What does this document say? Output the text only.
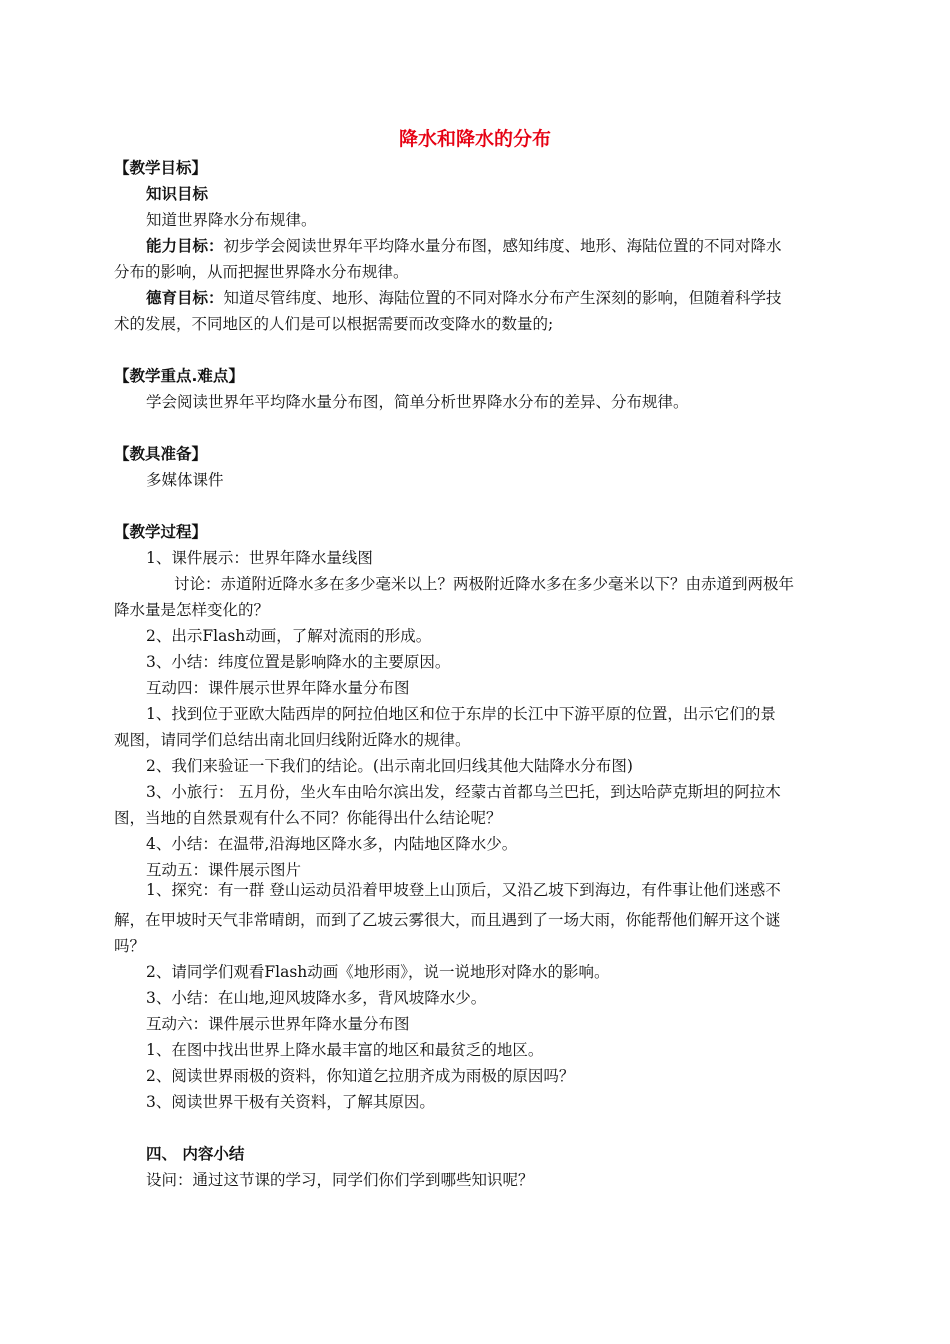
降水和降水的分布
【教学目标】
知识目标
知道世界降水分布规律。
能力目标：初步学会阅读世界年平均降水量分布图，感知纬度、地形、海陆位置的不同对降水
分布的影响，从而把握世界降水分布规律。
德育目标：知道尽管纬度、地形、海陆位置的不同对降水分布产生深刻的影响，但随着科学技
术的发展，不同地区的人们是可以根据需要而改变降水的数量的;
【教学重点.难点】
学会阅读世界年平均降水量分布图，简单分析世界降水分布的差异、分布规律。
【教具准备】
多媒体课件
【教学过程】
1、课件展示：世界年降水量线图
讨论：赤道附近降水多在多少毫米以上？两极附近降水多在多少毫米以下？由赤道到两极年
降水量是怎样变化的？
2、出示Flash动画，了解对流雨的形成。
3、小结：纬度位置是影响降水的主要原因。
互动四：课件展示世界年降水量分布图
1、找到位于亚欧大陆西岸的阿拉伯地区和位于东岸的长江中下游平原的位置，出示它们的景
观图，请同学们总结出南北回归线附近降水的规律。
2、我们来验证一下我们的结论。(出示南北回归线其他大陆降水分布图)
3、小旅行： 五月份，坐火车由哈尔滨出发，经蒙古首都乌兰巴托，到达哈萨克斯坦的阿拉木
图，当地的自然景观有什么不同？你能得出什么结论呢？
4、小结：在温带,沿海地区降水多，内陆地区降水少。
互动五：课件展示图片
1、探究：有一群 登山运动员沿着甲坡登上山顶后，又沿乙坡下到海边，有件事让他们迷惑不
解，在甲坡时天气非常晴朗，而到了乙坡云雾很大，而且遇到了一场大雨，你能帮他们解开这个谜
吗？
2、请同学们观看Flash动画《地形雨》，说一说地形对降水的影响。
3、小结：在山地,迎风坡降水多，背风坡降水少。
互动六：课件展示世界年降水量分布图
1、在图中找出世界上降水最丰富的地区和最贫乏的地区。
2、阅读世界雨极的资料，你知道乞拉朋齐成为雨极的原因吗？
3、阅读世界干极有关资料，了解其原因。
四、 内容小结
设问：通过这节课的学习，同学们你们学到哪些知识呢？
